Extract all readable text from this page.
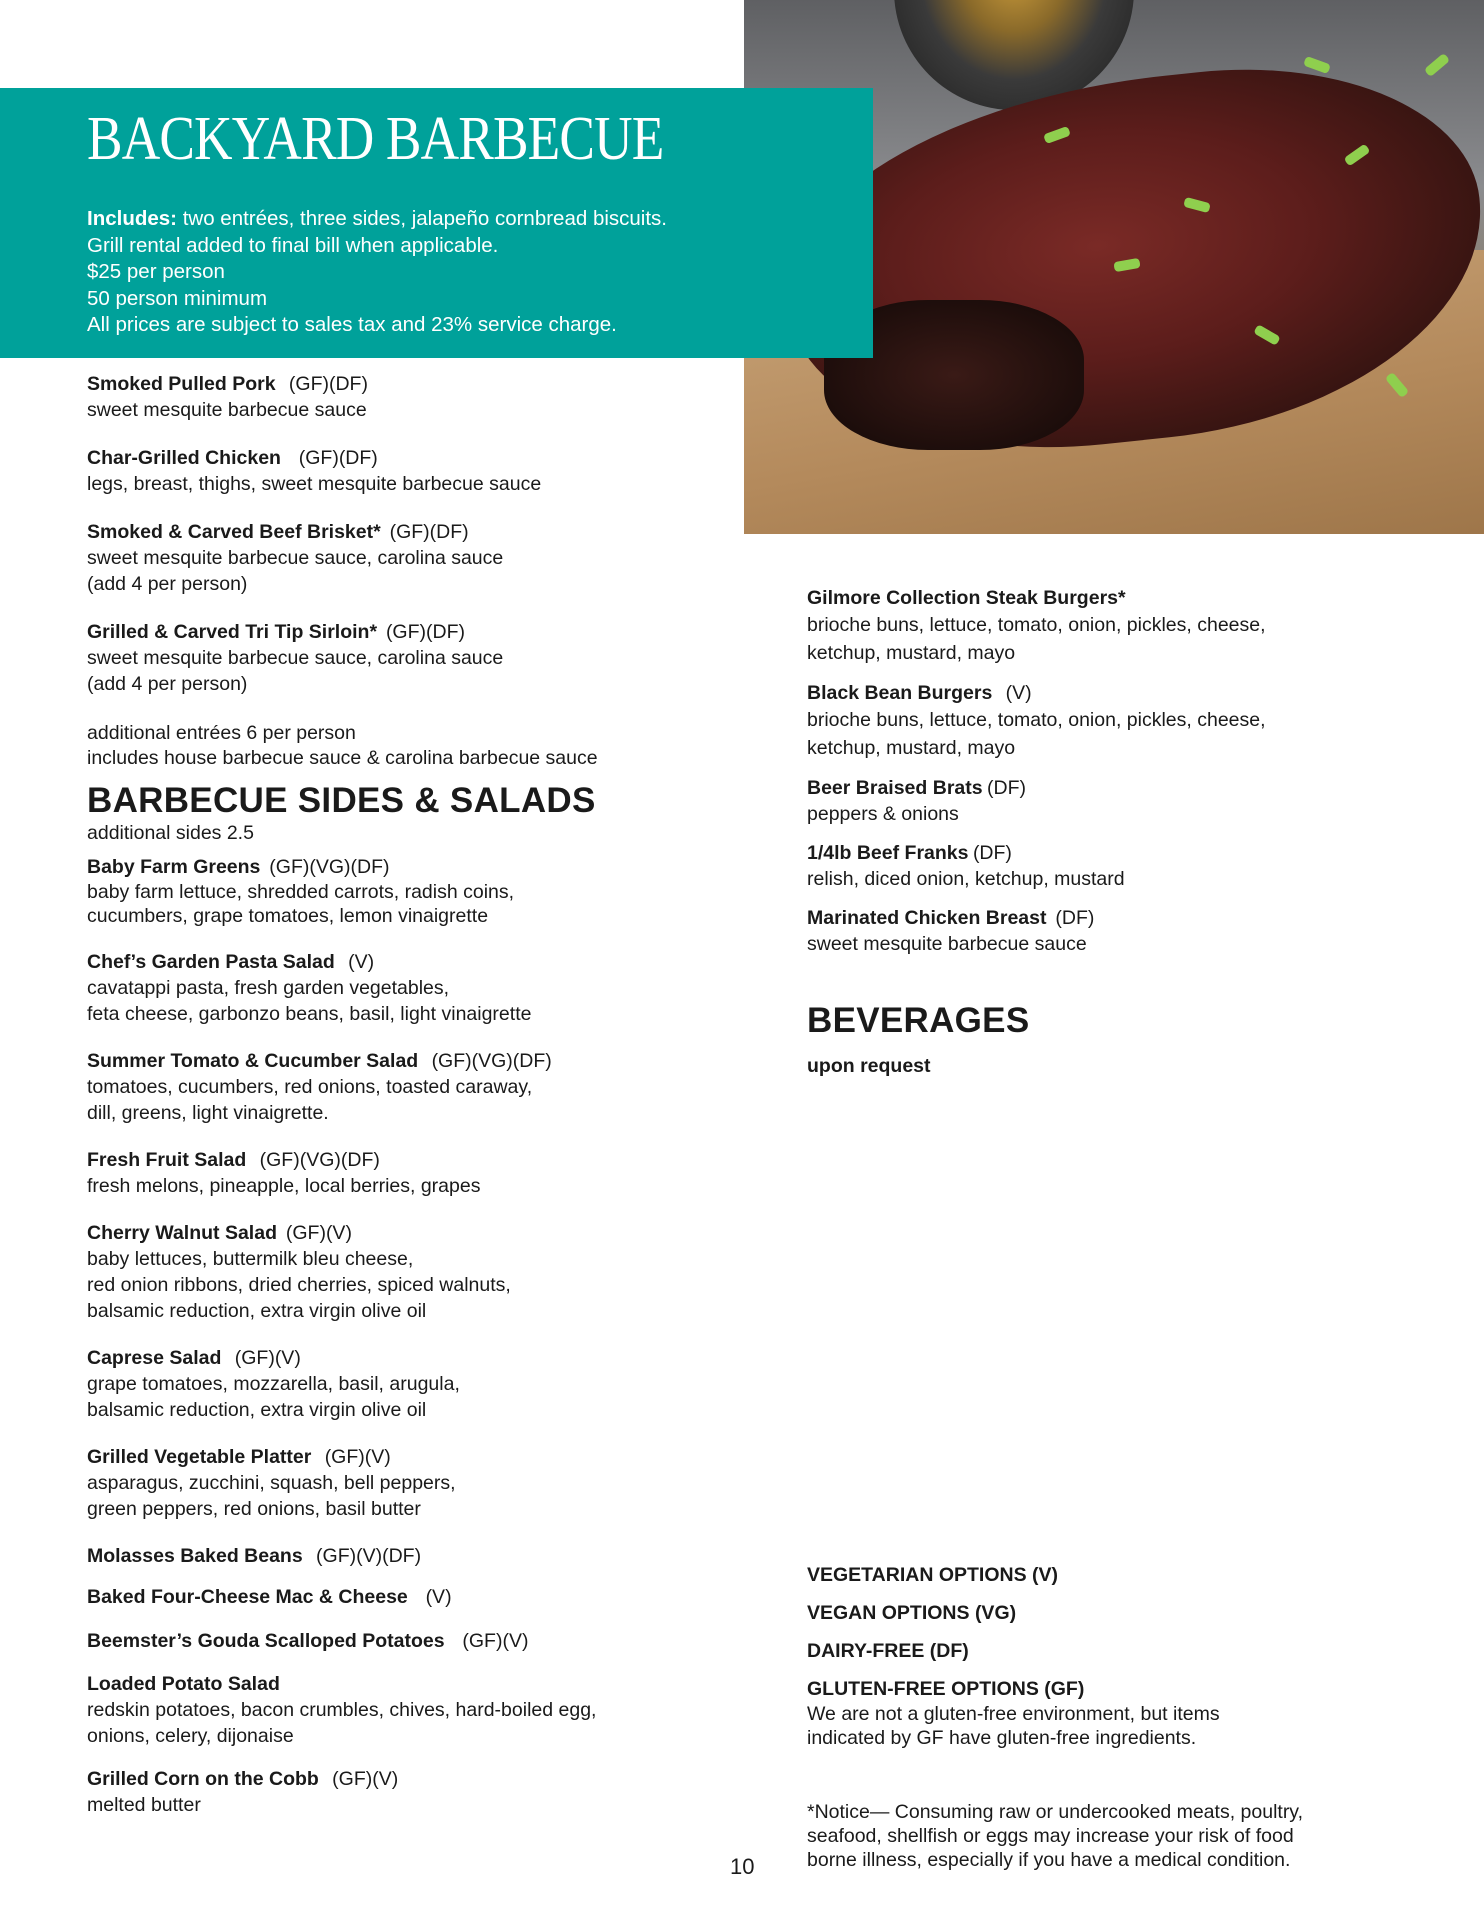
BACKYARD BARBECUE
Includes: two entrées, three sides, jalapeño cornbread biscuits.
Grill rental added to final bill when applicable.
$25 per person
50 person minimum
All prices are subject to sales tax and 23% service charge.
Smoked Pulled Pork (GF)(DF)
sweet mesquite barbecue sauce
Char-Grilled Chicken (GF)(DF)
legs, breast, thighs, sweet mesquite barbecue sauce
Smoked & Carved Beef Brisket* (GF)(DF)
sweet mesquite barbecue sauce, carolina sauce
(add 4 per person)
Grilled & Carved Tri Tip Sirloin* (GF)(DF)
sweet mesquite barbecue sauce, carolina sauce
(add 4 per person)
additional entrées 6 per person
includes house barbecue sauce & carolina barbecue sauce
BARBECUE SIDES & SALADS
additional sides 2.5
Baby Farm Greens (GF)(VG)(DF)
baby farm lettuce, shredded carrots, radish coins,
cucumbers, grape tomatoes, lemon vinaigrette
Chef’s Garden Pasta Salad (V)
cavatappi pasta, fresh garden vegetables,
feta cheese, garbonzo beans, basil, light vinaigrette
Summer Tomato & Cucumber Salad (GF)(VG)(DF)
tomatoes, cucumbers, red onions, toasted caraway,
dill, greens, light vinaigrette.
Fresh Fruit Salad (GF)(VG)(DF)
fresh melons, pineapple, local berries, grapes
Cherry Walnut Salad (GF)(V)
baby lettuces, buttermilk bleu cheese,
red onion ribbons, dried cherries, spiced walnuts,
balsamic reduction, extra virgin olive oil
Caprese Salad (GF)(V)
grape tomatoes, mozzarella, basil, arugula,
balsamic reduction, extra virgin olive oil
Grilled Vegetable Platter (GF)(V)
asparagus, zucchini, squash, bell peppers,
green peppers, red onions, basil butter
Molasses Baked Beans (GF)(V)(DF)
Baked Four-Cheese Mac & Cheese (V)
Beemster’s Gouda Scalloped Potatoes (GF)(V)
Loaded Potato Salad
redskin potatoes, bacon crumbles, chives, hard-boiled egg,
onions, celery, dijonaise
Grilled Corn on the Cobb (GF)(V)
melted butter
Gilmore Collection Steak Burgers*
brioche buns, lettuce, tomato, onion, pickles, cheese,
ketchup, mustard, mayo
Black Bean Burgers (V)
brioche buns, lettuce, tomato, onion, pickles, cheese,
ketchup, mustard, mayo
Beer Braised Brats (DF)
peppers & onions
1/4lb Beef Franks (DF)
relish, diced onion, ketchup, mustard
Marinated Chicken Breast (DF)
sweet mesquite barbecue sauce
BEVERAGES
upon request
VEGETARIAN OPTIONS (V)
VEGAN OPTIONS (VG)
DAIRY-FREE (DF)
GLUTEN-FREE OPTIONS (GF)
We are not a gluten-free environment, but items
indicated by GF have gluten-free ingredients.
*Notice— Consuming raw or undercooked meats, poultry,
seafood, shellfish or eggs may increase your risk of food
borne illness, especially if you have a medical condition.
10
